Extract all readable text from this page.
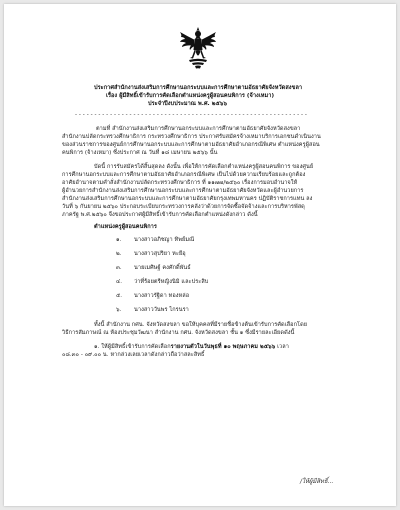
ประกาศสำนักงานส่งเสริมการศึกษานอกระบบและการศึกษาตามอัธยาศัยจังหวัดสงขลา
เรื่อง ผู้มีสิทธิ์เข้ารับการคัดเลือกตำแหน่งครูผู้สอนคนพิการ (จ้างเหมา)
ประจำปีงบประมาณ พ.ศ. ๒๕๖๖
- - - - - - - - - - - - - - - - - - - - - - - - - - - - - - - - - - - - - - - - - - - - - - - - - - - - - - - - - - - -
ตามที่ สำนักงานส่งเสริมการศึกษานอกระบบและการศึกษาตามอัธยาศัยจังหวัดสงขลา
สำนักงานปลัดกระทรวงศึกษาธิการ กระทรวงศึกษาธิการ ประกาศรับสมัครจ้างเหมาบริการเอกชนดำเนินงาน
ของส่วนราชการของศูนย์การศึกษานอกระบบและการศึกษาตามอัธยาศัยอำเภอกรณีพิเศษ ตำแหน่งครูผู้สอน
คนพิการ (จ้างเหมา) ซึ่งประกาศ ณ วันที่ ๑๘ เมษายน ๒๕๖๖ นั้น
บัดนี้ การรับสมัครได้สิ้นสุดลง ดังนั้น เพื่อให้การคัดเลือกตำแหน่งครูผู้สอนคนพิการ ของศูนย์
การศึกษานอกระบบและการศึกษาตามอัธยาศัยอำเภอกรณีพิเศษ เป็นไปด้วยความเรียบร้อยและถูกต้อง
อาศัยอำนาจตามคำสั่งสำนักงานปลัดกระทรวงศึกษาธิการ ที่ ๑๑๗๗/๒๕๖๐ เรื่องการมอบอำนาจให้
ผู้อำนวยการสำนักงานส่งเสริมการศึกษานอกระบบและการศึกษาตามอัธยาศัยจังหวัดและผู้อำนวยการ
สำนักงานส่งเสริมการศึกษานอกระบบและการศึกษาตามอัธยาศัยกรุงเทพมหานคร ปฏิบัติราชการแทน ลง
วันที่ ๖ กันยายน ๒๕๖๐ ประกอบระเบียบกระทรวงการคลังว่าด้วยการจัดซื้อจัดจ้างและการบริหารพัสดุ
ภาครัฐ พ.ศ.๒๕๖๐ จึงขอประกาศผู้มีสิทธิ์เข้ารับการคัดเลือกตำแหน่งดังกล่าว ดังนี้
ตำแหน่งครูผู้สอนคนพิการ
๑. นางสาวอภิชญา ทิพย์มณี
๒. นางสาวสุปริยา หะยีอุ
๓. นายเมศิษฐ์ คงศักดิ์พันธ์
๔. ว่าที่ร้อยตรีหญิงนิมิ และประสิบ
๕. นางสาวรัฐิดา ทองหล่อ
๖. นางสาววันพร ไกรนรา
ทั้งนี้ สำนักงาน กศน. จังหวัดสงขลา ขอให้บุคคลที่มีรายชื่อข้างต้นเข้ารับการคัดเลือกโดย
วิธีการสัมภาษณ์ ณ ห้องประชุมวัฒนา สำนักงาน กศน. จังหวัดสงขลา ชั้น ๑ ซึ่งมีรายละเอียดดังนี้
๑. ให้ผู้มีสิทธิ์เข้ารับการคัดเลือกรายงานตัวในวันพุธที่ ๑๐ พฤษภาคม ๒๕๖๖ เวลา
๐๘.๓๐ - ๐๙.๐๐ น. หากล่วงเลยเวลาดังกล่าวถือว่าสละสิทธิ์
/ให้ผู้มีสิทธิ์...
